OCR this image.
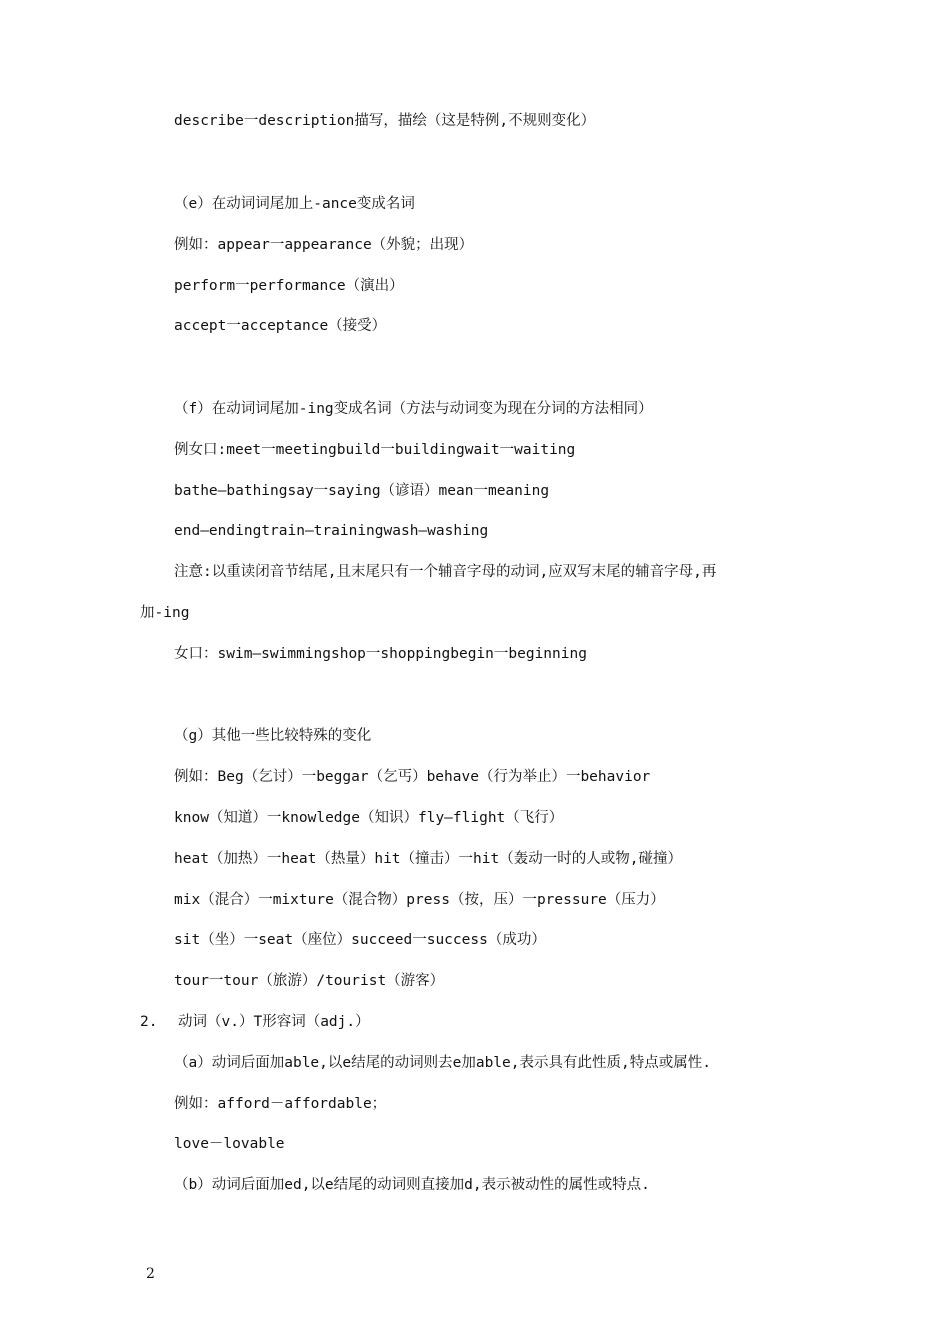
describe一description描写，描绘（这是特例,不规则变化）
（e）在动词词尾加上-ance变成名词
例如：appear一appearance（外貌；出现）
perform一performance（演出）
accept一acceptance（接受）
（f）在动词词尾加-ing变成名词（方法与动词变为现在分词的方法相同）
例女口:meet一meetingbuild一buildingwait一waiting
bathe—bathingsay一saying（谚语）mean一meaning
end—endingtrain—trainingwash—washing
注意:以重读闭音节结尾,且末尾只有一个辅音字母的动词,应双写末尾的辅音字母,再
加-ing
女口：swim—swimmingshop一shoppingbegin一beginning
（g）其他一些比较特殊的变化
例如：Beg（乞讨）一beggar（乞丐）behave（行为举止）一behavior
know（知道）一knowledge（知识）fly—flight（飞行）
heat（加热）一heat（热量）hit（撞击）一hit（轰动一时的人或物,碰撞）
mix（混合）一mixture（混合物）press（按，压）一pressure（压力）
sit（坐）一seat（座位）succeed一success（成功）
tour一tour（旅游）/tourist（游客）
2. 动词（v.）T形容词（adj.）
（a）动词后面加able,以e结尾的动词则去e加able,表示具有此性质,特点或属性.
例如：afford－affordable；
love－lovable
（b）动词后面加ed,以e结尾的动词则直接加d,表示被动性的属性或特点.
2
